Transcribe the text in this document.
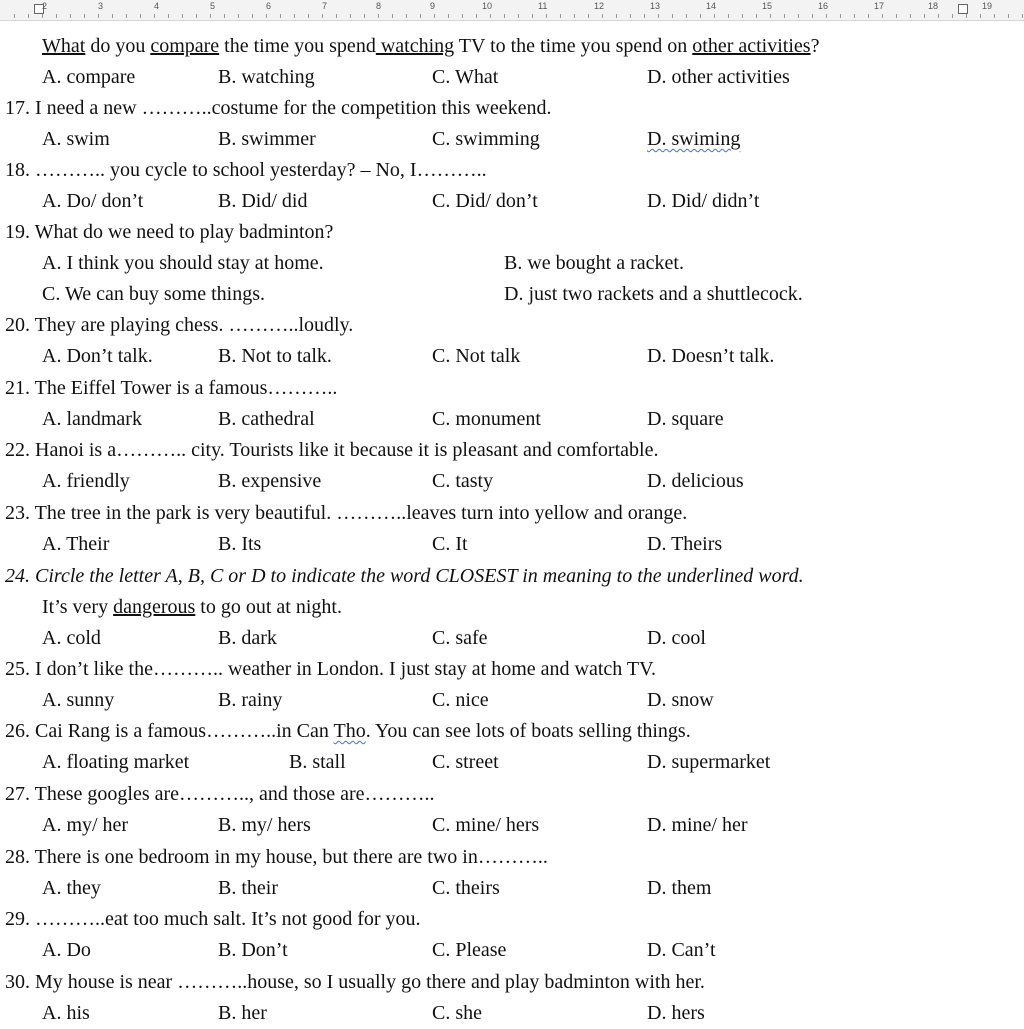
2	3	4	5	6	7	8	9	10	11	12	13	14	15	16	17	18	19
What do you compare the time you spend watching TV to the time you spend on other activities?
A. compare	B. watching	C. What	D. other activities
17. I need a new ………..costume for the competition this weekend.
A. swim	B. swimmer	C. swimming	D. swiming
18. ……….. you cycle to school yesterday? – No, I………..
A. Do/ don’t	B. Did/ did	C. Did/ don’t	D. Did/ didn’t
19. What do we need to play badminton?
A. I think you should stay at home.	B. we bought a racket.
C. We can buy some things.	D. just two rackets and a shuttlecock.
20. They are playing chess. ………..loudly.
A. Don’t talk.	B. Not to talk.	C. Not talk	D. Doesn’t talk.
21. The Eiffel Tower is a famous………..
A. landmark	B. cathedral	C. monument	D. square
22. Hanoi is a……….. city. Tourists like it because it is pleasant and comfortable.
A. friendly	B. expensive	C. tasty	D. delicious
23. The tree in the park is very beautiful. ………..leaves turn into yellow and orange.
A. Their	B. Its	C. It	D. Theirs
24. Circle the letter A, B, C or D to indicate the word CLOSEST in meaning to the underlined word.
It’s very dangerous to go out at night.
A. cold	B. dark	C. safe	D. cool
25. I don’t like the……….. weather in London. I just stay at home and watch TV.
A. sunny	B. rainy	C. nice	D. snow
26. Cai Rang is a famous………..in Can Tho. You can see lots of boats selling things.
A. floating market	B. stall	C. street	D. supermarket
27. These googles are……….., and those are………..
A. my/ her	B. my/ hers	C. mine/ hers	D. mine/ her
28. There is one bedroom in my house, but there are two in………..
A. they	B. their	C. theirs	D. them
29. ………..eat too much salt. It’s not good for you.
A. Do	B. Don’t	C. Please	D. Can’t
30. My house is near ………..house, so I usually go there and play badminton with her.
A. his	B. her	C. she	D. hers
